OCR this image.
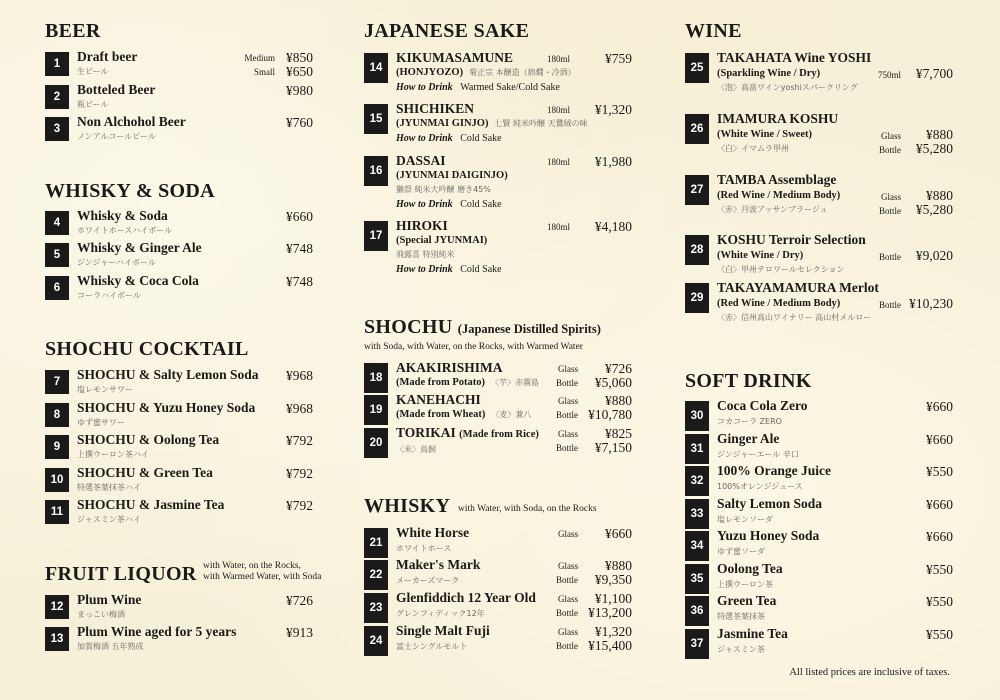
BEER
1	Draft beer
生ビール
Medium ¥850
Small ¥650
2	Botteled Beer
瓶ビール
¥980
3	Non Alchohol Beer
ノンアルコールビール
¥760
WHISKY & SODA
4	Whisky & Soda
ホワイトホースハイボール
¥660
5	Whisky & Ginger Ale
ジンジャーハイボール
¥748
6	Whisky & Coca Cola
コーラハイボール
¥748
SHOCHU COCKTAIL
7	SHOCHU & Salty Lemon Soda
塩レモンサワー
¥968
8	SHOCHU & Yuzu Honey Soda
ゆず蜜サワー
¥968
9	SHOCHU & Oolong Tea
上撰ウーロン茶ハイ
¥792
10	SHOCHU & Green Tea
特選茶葉抹茶ハイ
¥792
11	SHOCHU & Jasmine Tea
ジャスミン茶ハイ
¥792
FRUIT LIQUOR with Water, on the Rocks,
with Warmed Water, with Soda
12	Plum Wine
まっこい梅酒
¥726
13	Plum Wine aged for 5 years
加賀梅酒 五年熟成
¥913
JAPANESE SAKE
14
KIKUMASAMUNE
(HONJYOZO) 菊正宗 本醸造（熱燗・冷酒）
How to Drink Warmed Sake/Cold Sake
180ml	¥759
15
SHICHIKEN
(JYUNMAI GINJO) 七賢 純米吟醸 天鵞絨の味
How to Drink Cold Sake
180ml ¥1,320
16
DASSAI
(JYUNMAI DAIGINJO)
獺祭 純米大吟醸 磨き45%
How to Drink Cold Sake
180ml ¥1,980
17
HIROKI
(Special JYUNMAI)
飛露喜 特別純米
How to Drink Cold Sake
180ml ¥4,180
SHOCHU (Japanese Distilled Spirits)
with Soda, with Water, on the Rocks, with Warmed Water
18
AKAKIRISHIMA
(Made from Potato) 〈芋〉赤霧島
Glass ¥726
Bottle ¥5,060
19
KANEHACHI
(Made from Wheat) 〈麦〉兼八
Glass ¥880
Bottle ¥10,780
20
TORIKAI (Made from Rice)
〈米〉鳥飼
Glass ¥825
Bottle ¥7,150
WHISKY with Water, with Soda, on the Rocks
21
White Horse
ホワイトホース
Glass ¥660
22
Maker's Mark
メーカーズマーク
Glass ¥880
Bottle ¥9,350
23
Glenfiddich 12 Year Old
グレンフィディック12年
Glass ¥1,100
Bottle ¥13,200
24
Single Malt Fuji
富士シングルモルト
Glass ¥1,320
Bottle ¥15,400
WINE
25
TAKAHATA Wine YOSHI
(Sparkling Wine / Dry)
〈泡〉高畠ワインyoshiスパークリング
750ml ¥7,700
26
IMAMURA KOSHU
(White Wine / Sweet)
〈白〉イマムラ甲州
Glass ¥880
Bottle ¥5,280
27
TAMBA Assemblage
(Red Wine / Medium Body)
〈赤〉丹波アッサンブラージュ
Glass ¥880
Bottle ¥5,280
28
KOSHU Terroir Selection
(White Wine / Dry)
〈白〉甲州テロワールセレクション
Bottle ¥9,020
29
TAKAYAMAMURA Merlot
(Red Wine / Medium Body)
〈赤〉信州高山ワイナリー 高山村メルロー
Bottle ¥10,230
SOFT DRINK
30
Coca Cola Zero
コカコーラ ZERO
¥660
31
Ginger Ale
ジンジャーエール 辛口
¥660
32
100% Orange Juice
100%オレンジジュース
¥550
33
Salty Lemon Soda
塩レモンソーダ
¥660
34
Yuzu Honey Soda
ゆず蜜ソーダ
¥660
35
Oolong Tea
上撰ウーロン茶
¥550
36
Green Tea
特選茶葉抹茶
¥550
37
Jasmine Tea
ジャスミン茶
¥550
All listed prices are inclusive of taxes.
